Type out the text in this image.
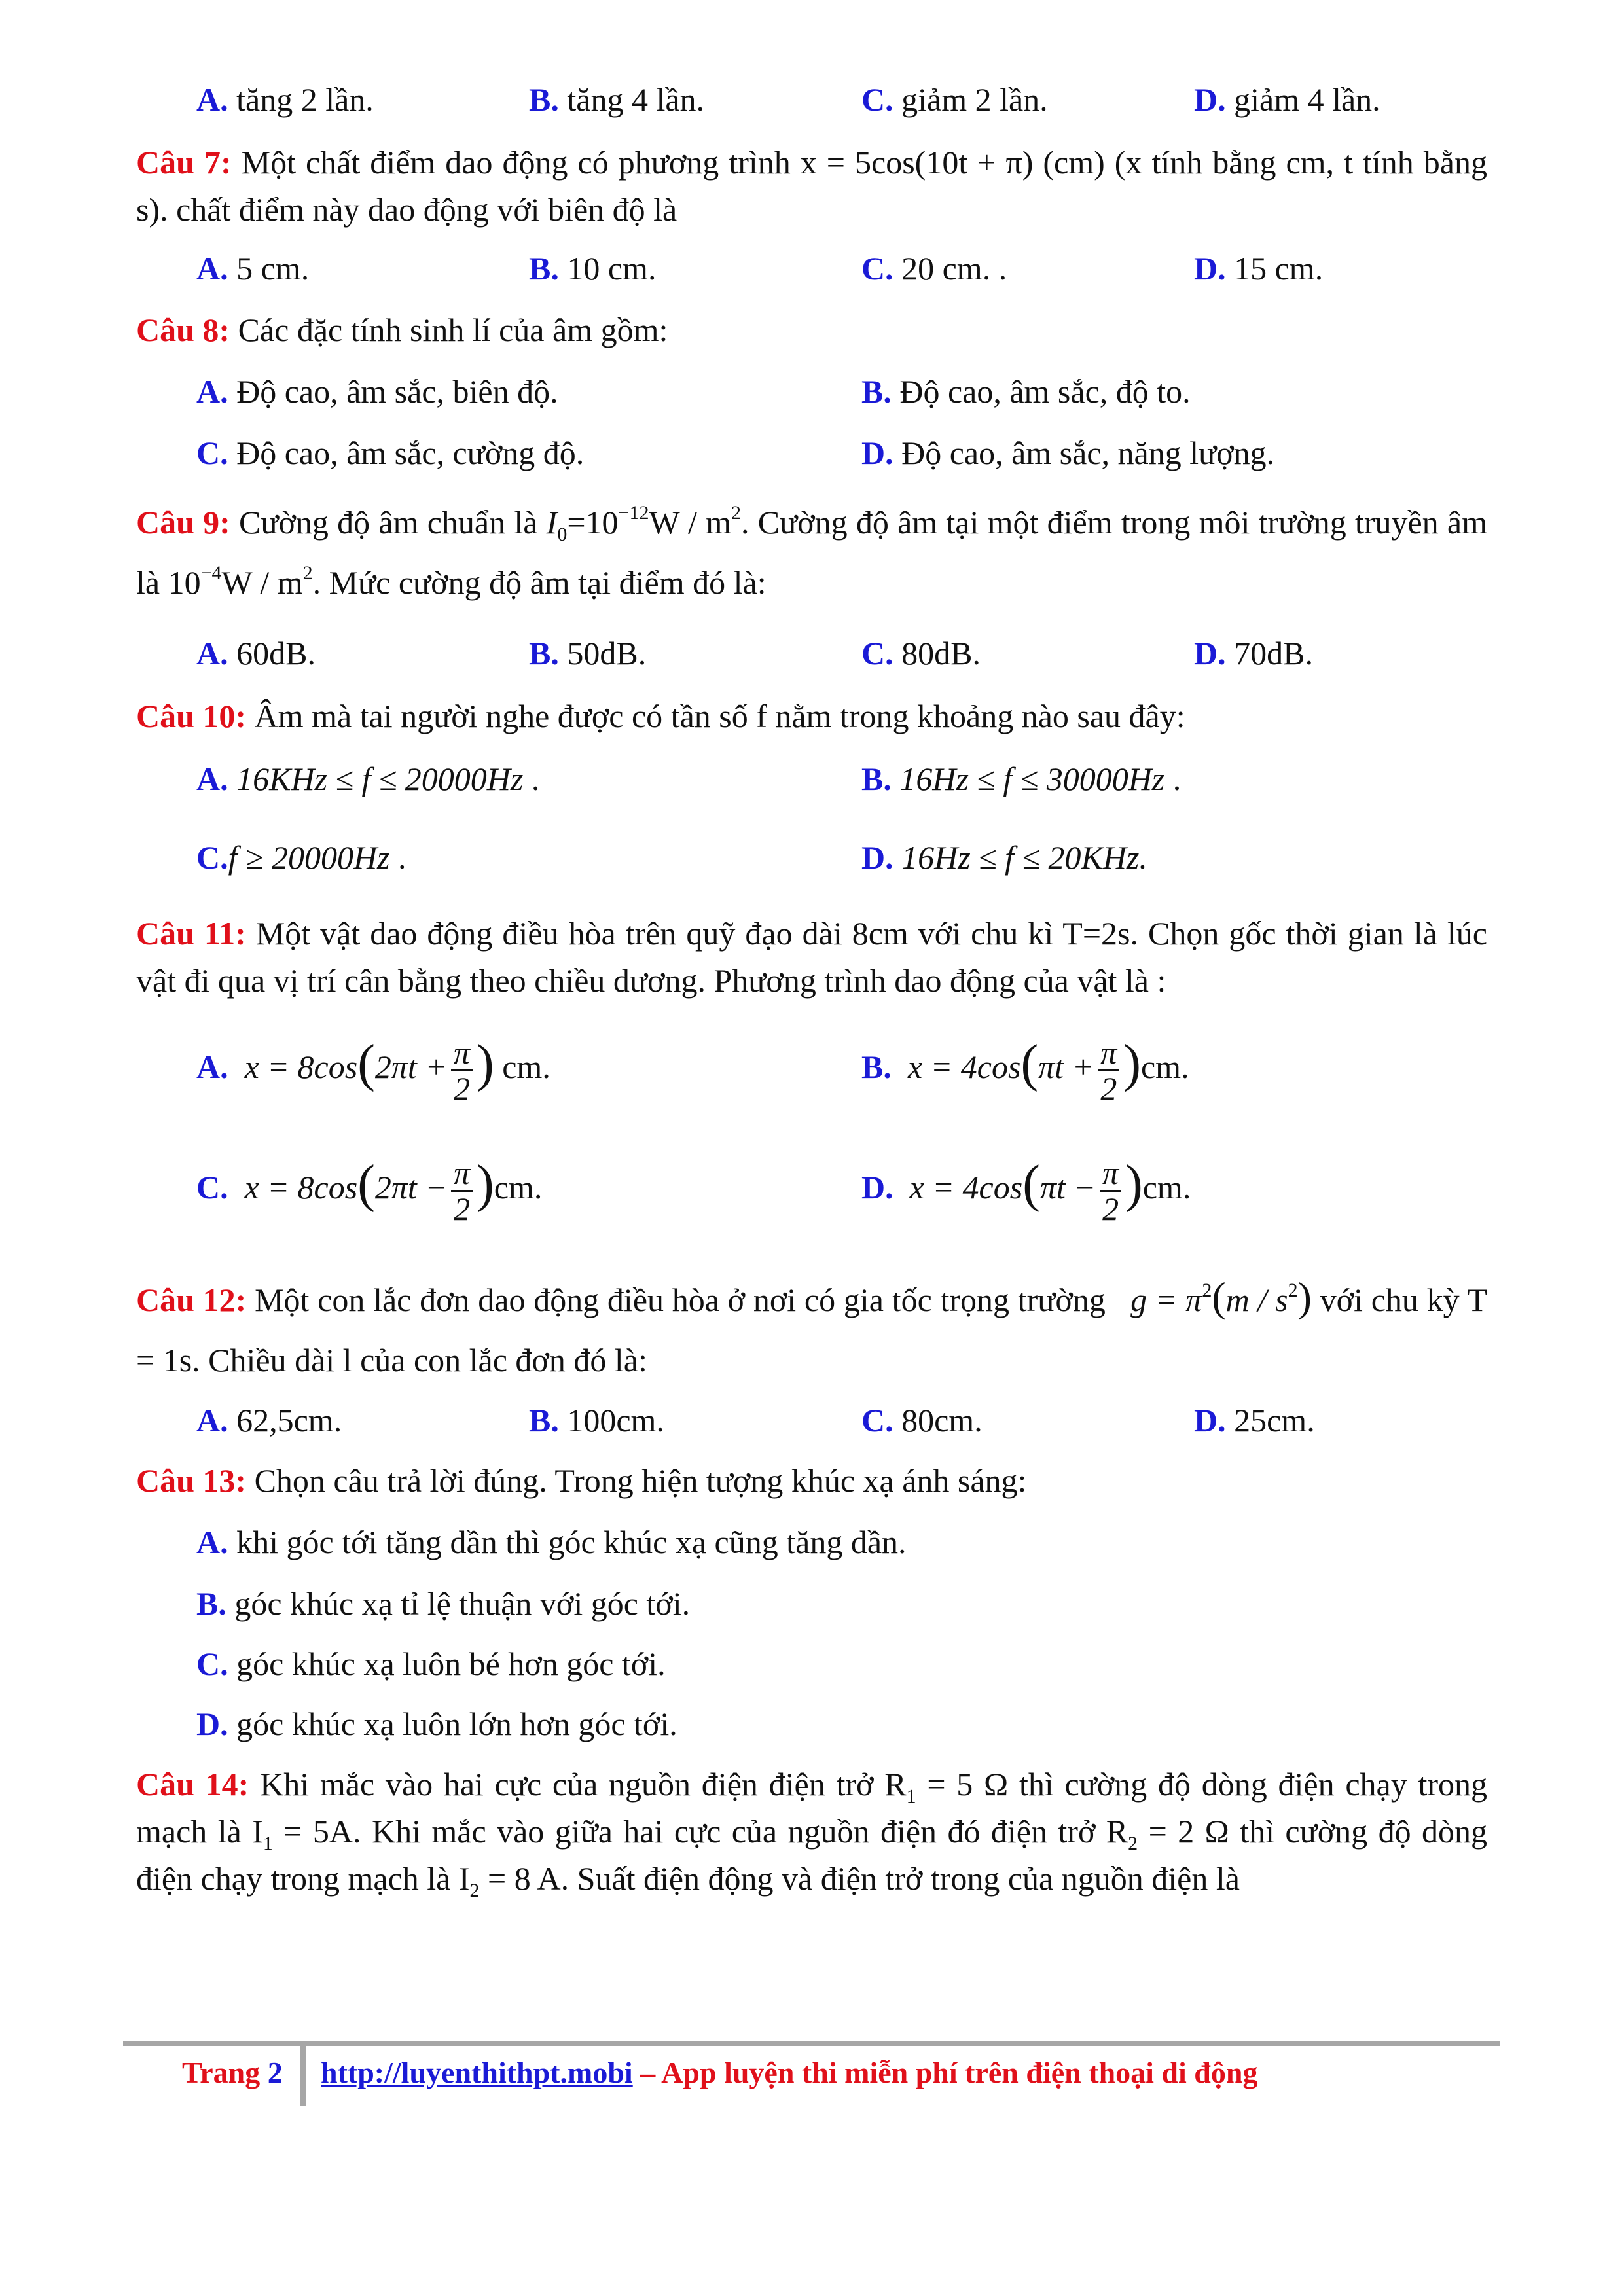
A. tăng 2 lần.	B. tăng 4 lần.	C. giảm 2 lần.	D. giảm 4 lần.
Câu 7: Một chất điểm dao động có phương trình x = 5cos(10t + π) (cm) (x tính bằng cm, t tính bằng s). chất điểm này dao động với biên độ là
A. 5 cm.	B. 10 cm.	C. 20 cm. .	D. 15 cm.
Câu 8: Các đặc tính sinh lí của âm gồm:
A. Độ cao, âm sắc, biên độ.	B. Độ cao, âm sắc, độ to.
C. Độ cao, âm sắc, cường độ.	D. Độ cao, âm sắc, năng lượng.
Câu 9: Cường độ âm chuẩn là $I_0=10^{-12}W / m^2$. Cường độ âm tại một điểm trong môi trường truyền âm là $10^{-4}W / m^2$. Mức cường độ âm tại điểm đó là:
A. 60dB.	B. 50dB.	C. 80dB.	D. 70dB.
Câu 10: Âm mà tai người nghe được có tần số f nằm trong khoảng nào sau đây:
A. 16KHz ≤ f ≤ 20000Hz .	B. 16Hz ≤ f ≤ 30000Hz .
C.f ≥ 20000Hz .	D. 16Hz ≤ f ≤ 20KHz.
Câu 11: Một vật dao động điều hòa trên quỹ đạo dài 8cm với chu kì T=2s. Chọn gốc thời gian là lúc vật đi qua vị trí cân bằng theo chiều dương. Phương trình dao động của vật là :
A. $x = 8\cos(2\pi t + \frac{\pi}{2}$ ) cm.	B. $x = 4\cos(\pi t + \frac{\pi}{2} )cm$.
C. $x = 8\cos(2\pi t - \frac{\pi}{2} )cm$.	D. $x = 4\cos(\pi t - \frac{\pi}{2} )cm$.
Câu 12: Một con lắc đơn dao động điều hòa ở nơi có gia tốc trọng trường $g = \pi^2(m / s^2)$ với chu kỳ T = 1s. Chiều dài l của con lắc đơn đó là:
A. 62,5cm.	B. 100cm.	C. 80cm.	D. 25cm.
Câu 13: Chọn câu trả lời đúng. Trong hiện tượng khúc xạ ánh sáng:
A. khi góc tới tăng dần thì góc khúc xạ cũng tăng dần.
B. góc khúc xạ tỉ lệ thuận với góc tới.
C. góc khúc xạ luôn bé hơn góc tới.
D. góc khúc xạ luôn lớn hơn góc tới.
Câu 14: Khi mắc vào hai cực của nguồn điện điện trở $R_1 = 5$ Ω thì cường độ dòng điện chạy trong mạch là $I_1 = 5A$. Khi mắc vào giữa hai cực của nguồn điện đó điện trở $R_2 = 2$ Ω thì cường độ dòng điện chạy trong mạch là $I_2 = 8$ A. Suất điện động và điện trở trong của nguồn điện là
Trang 2 http://luyenthithpt.mobi – App luyện thi miễn phí trên điện thoại di động
